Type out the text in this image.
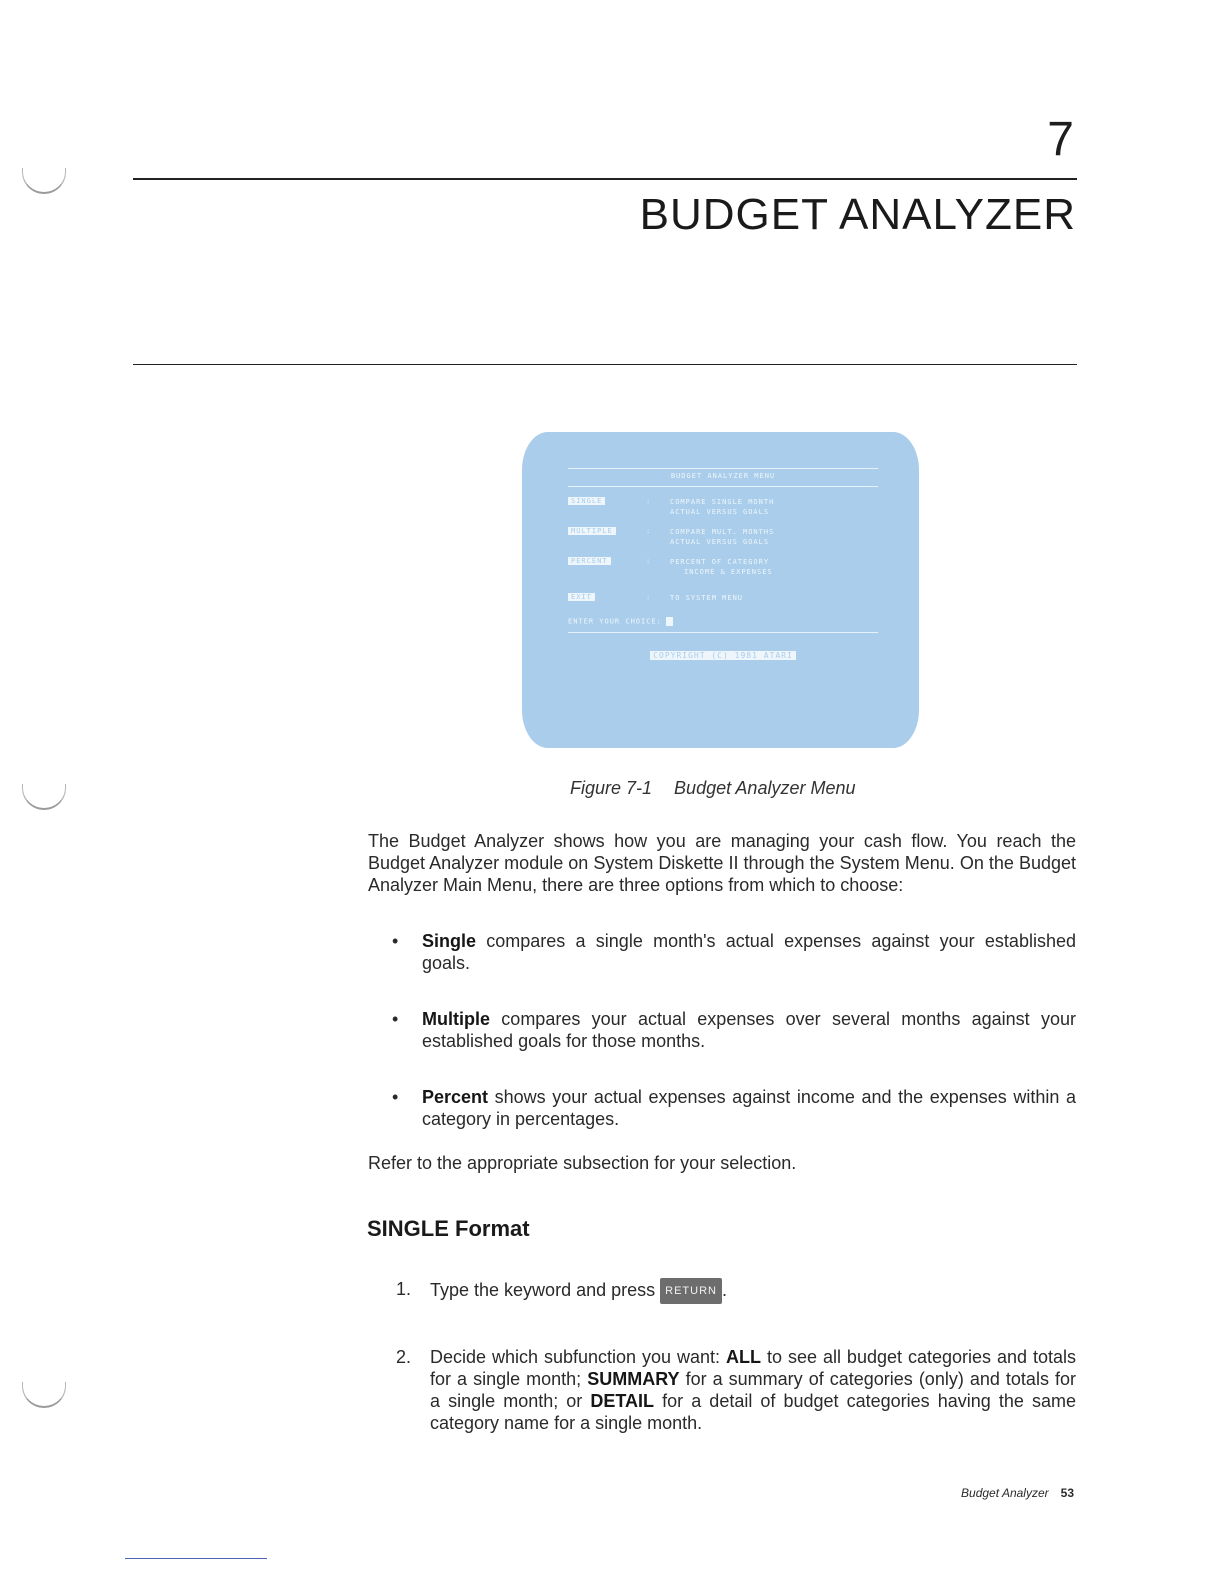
7
BUDGET ANALYZER
BUDGET ANALYZER MENU
SINGLE	:	COMPARE SINGLE MONTH
ACTUAL VERSUS GOALS
MULTIPLE	:	COMPARE MULT. MONTHS
ACTUAL VERSUS GOALS
PERCENT	:	PERCENT OF CATEGORY
INCOME & EXPENSES
EXIT	:	TO SYSTEM MENU
ENTER YOUR CHOICE:
COPYRIGHT (C) 1981 ATARI
Figure 7-1 Budget Analyzer Menu
The Budget Analyzer shows how you are managing your cash flow. You reach the Budget Analyzer module on System Diskette II through the System Menu. On the Budget Analyzer Main Menu, there are three options from which to choose:
• Single compares a single month's actual expenses against your established goals.
• Multiple compares your actual expenses over several months against your established goals for those months.
• Percent shows your actual expenses against income and the expenses within a category in percentages.
Refer to the appropriate subsection for your selection.
SINGLE Format
1. Type the keyword and press RETURN .
2. Decide which subfunction you want: ALL to see all budget categories and totals for a single month; SUMMARY for a summary of categories (only) and totals for a single month; or DETAIL for a detail of budget categories having the same category name for a single month.
Budget Analyzer 53
